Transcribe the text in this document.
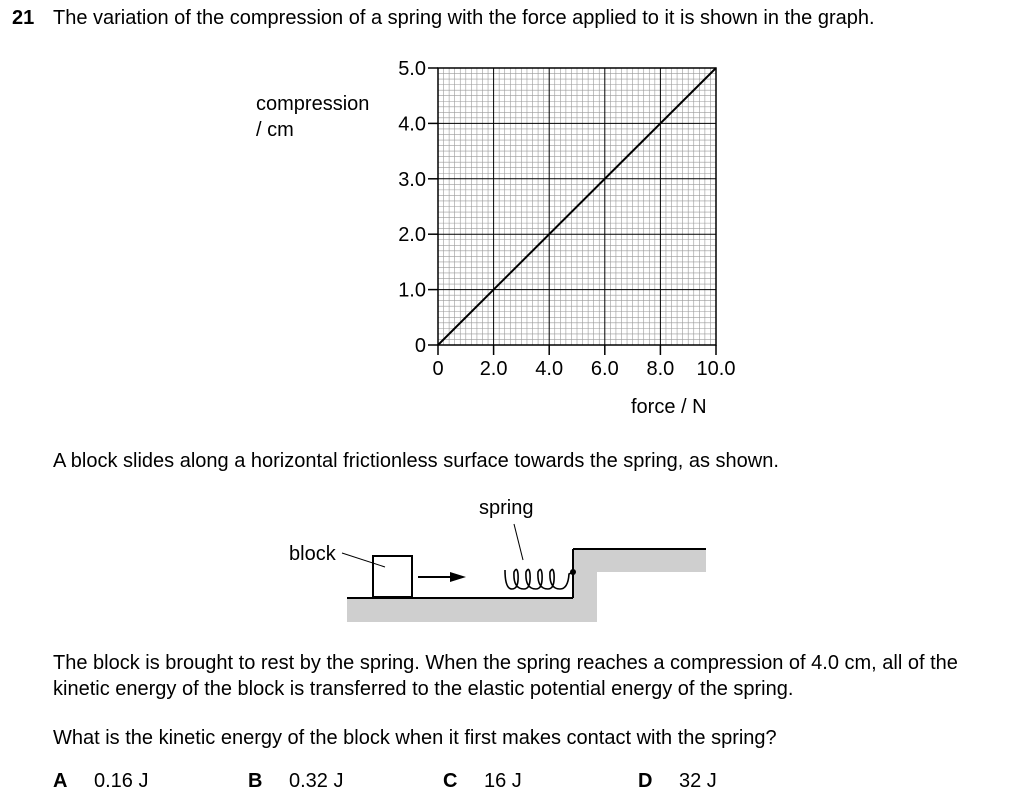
21 The variation of the compression of a spring with the force applied to it is shown in the graph.
compression
/ cm
0
1.0
2.0
3.0
4.0
5.0
0 2.0 4.0 6.0 8.0 10.0
force / N
A block slides along a horizontal frictionless surface towards the spring, as shown.
spring
block
The block is brought to rest by the spring. When the spring reaches a compression of 4.0 cm, all of the kinetic energy of the block is transferred to the elastic potential energy of the spring.
What is the kinetic energy of the block when it first makes contact with the spring?
A 0.16 J	B 0.32 J	C 16 J	D 32 J
